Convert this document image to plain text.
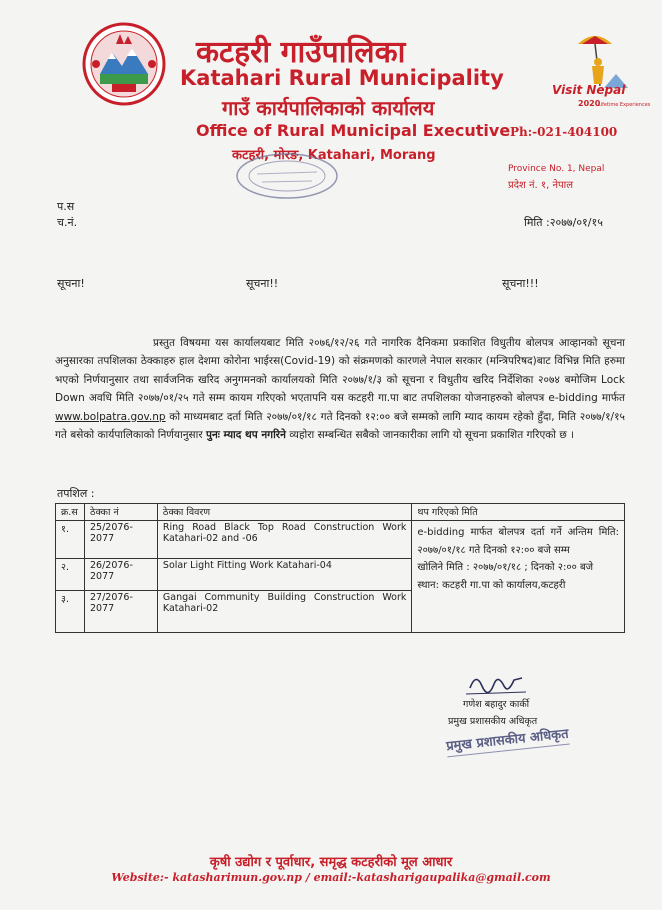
कटहरी गाउँपालिका
Katahari Rural Municipality
गाउँ कार्यपालिकाको कार्यालय
Office of Rural Municipal Executive
कटहरी, मोरङ, Katahari, Morang
Visit Nepal
2020
Lifetime Experiences
Ph:-021-404100
Province No. 1, Nepal
प्रदेश नं. १, नेपाल
प.स
च.नं.	मिति :२०७७/०१/१५
सूचना!	सूचना!!	सूचना!!!
प्रस्तुत विषयमा यस कार्यालयबाट मिति २०७६/१२/२६ गते नागरिक दैनिकमा प्रकाशित विधुतीय बोलपत्र आव्हानको सूचना अनुसारका तपशिलका ठेक्काहरु हाल देशमा कोरोना भाईरस(Covid-19) को संक्रमणको कारणले नेपाल सरकार (मन्त्रिपरिषद)बाट विभिन्न मिति हरुमा भएको निर्णयानुसार तथा सार्वजनिक खरिद अनुगमनको कार्यालयको मिति २०७७/१/३ को सूचना र विधुतीय खरिद निर्देशिका २०७४ बमोजिम Lock Down अवधि मिति २०७७/०१/२५ गते सम्म कायम गरिएको भएतापनि यस कटहरी गा.पा बाट तपशिलका योजनाहरुको बोलपत्र e-bidding मार्फत www.bolpatra.gov.np को माध्यमबाट दर्ता मिति २०७७/०१/१८ गते दिनको १२:०० बजे सम्मको लागि म्याद कायम रहेको हुँदा, मिति २०७७/१/१५ गते बसेको कार्यपालिकाको निर्णयानुसार पुनः म्याद थप नगरिने व्यहोरा सम्बन्धित सबैको जानकारीका लागि यो सूचना प्रकाशित गरिएको छ ।
तपशिल :
क्र.स	ठेक्का नं	ठेक्का विवरण	थप गरिएको मिति
१.	25/2076-2077	Ring Road Black Top Road Construction Work Katahari-02 and -06	e-bidding मार्फत बोलपत्र दर्ता गर्ने अन्तिम मिति: २०७७/०१/१८ गते दिनको १२:०० बजे सम्म
खोलिने मिति : २०७७/०१/१८ ; दिनको २:०० बजे
स्थान: कटहरी गा.पा को कार्यालय,कटहरी

२.	26/2076-2077	Solar Light Fitting Work Katahari-04	
३.	27/2076-2077	Gangai Community Building Construction Work Katahari-02	
गणेश बहादुर कार्की
प्रमुख प्रशासकीय अधिकृत
प्रमुख प्रशासकीय अधिकृत
कृषी उद्योग र पूर्वाधार, समृद्ध कटहरीको मूल आधार
Website:- katasharimun.gov.np / email:-katasharigaupalika@gmail.com
